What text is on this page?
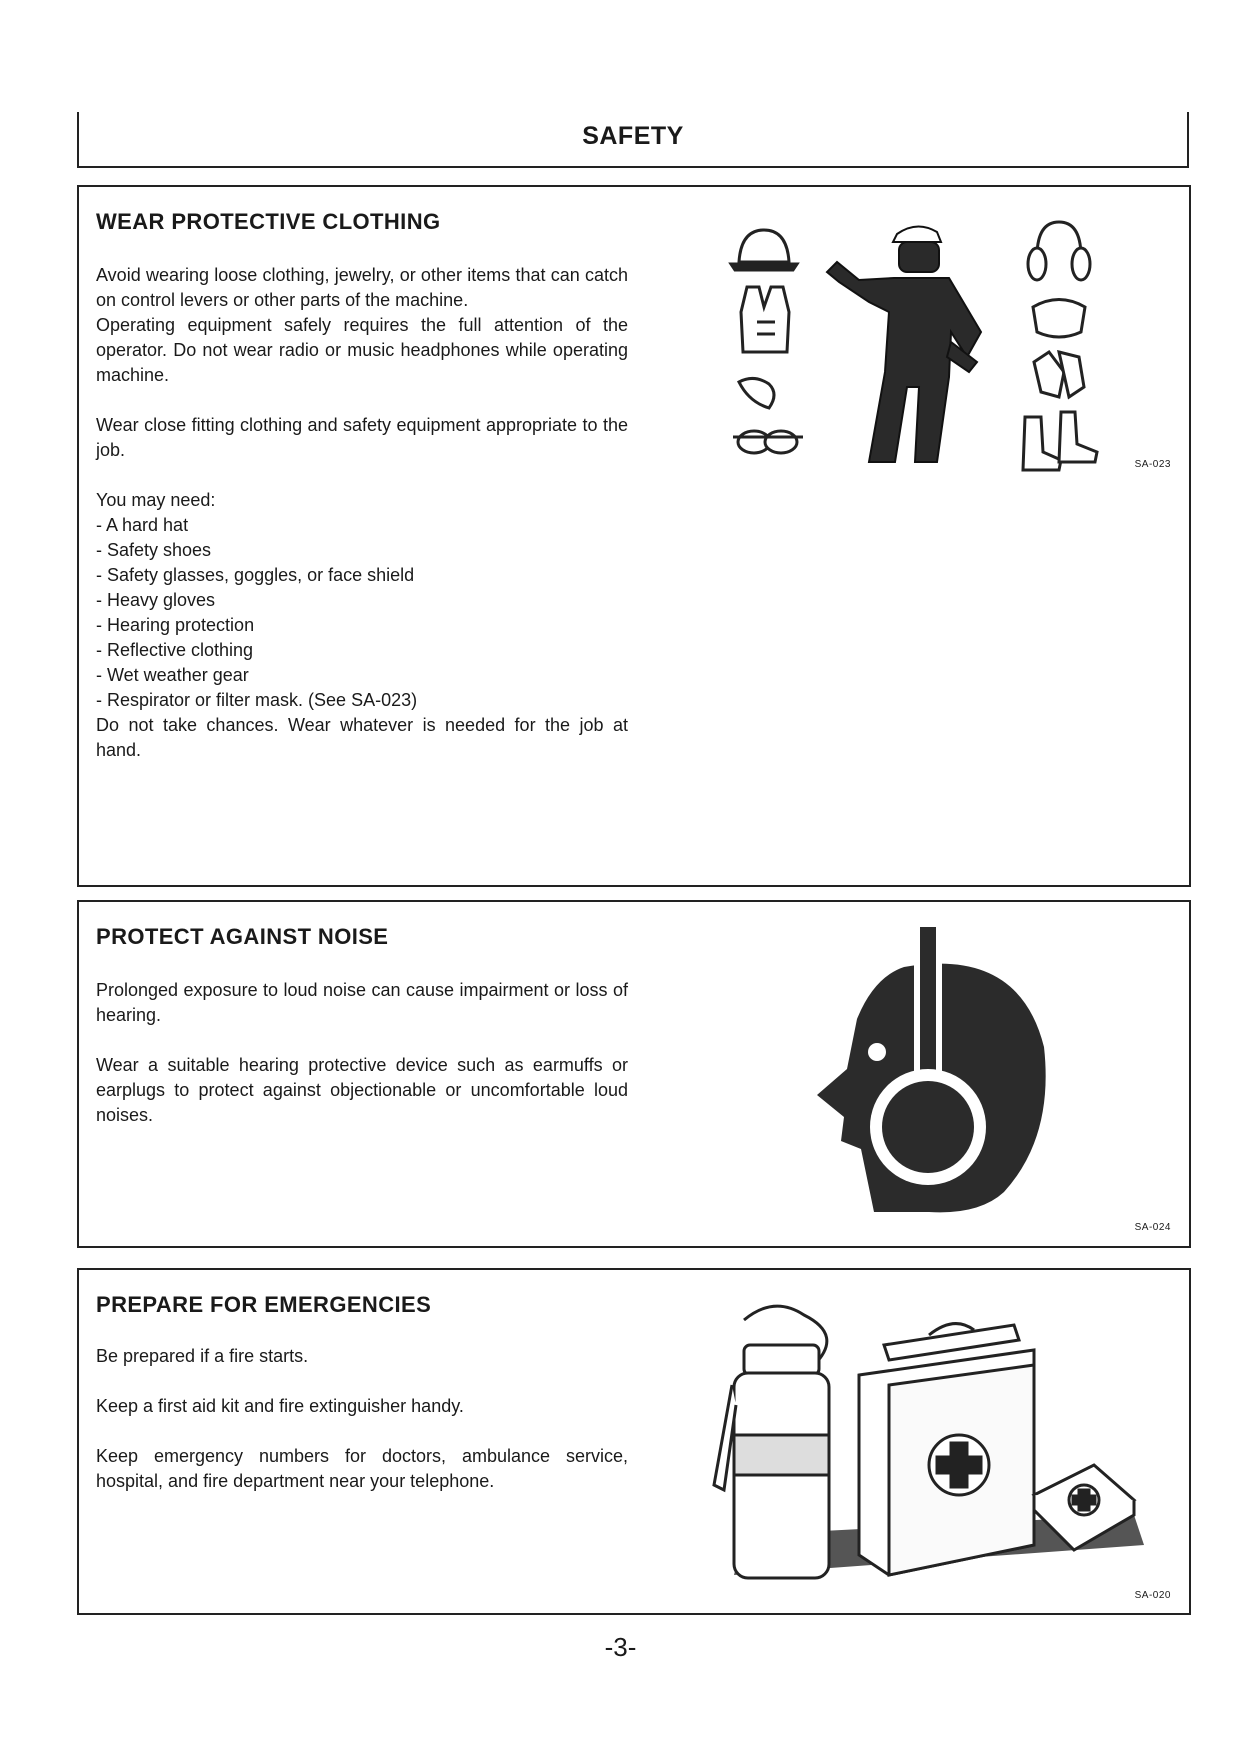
SAFETY
WEAR PROTECTIVE CLOTHING

Avoid wearing loose clothing, jewelry, or other items that can catch on control levers or other parts of the machine.

Operating equipment safely requires the full attention of the operator. Do not wear radio or music headphones while operating machine.

Wear close fitting clothing and safety equipment appropriate to the job.

You may need:

- A hard hat
- Safety shoes
- Safety glasses, goggles, or face shield
- Heavy gloves
- Hearing protection
- Reflective clothing
- Wet weather gear
- Respirator or filter mask. (See SA-023)

Do not take chances. Wear whatever is needed for the job at hand.

SA-023
PROTECT AGAINST NOISE

Prolonged exposure to loud noise can cause impairment or loss of hearing.

Wear a suitable hearing protective device such as earmuffs or earplugs to protect against objectionable or uncomfortable loud noises.

SA-024
PREPARE FOR EMERGENCIES

Be prepared if a fire starts.

Keep a first aid kit and fire extinguisher handy.

Keep emergency numbers for doctors, ambulance service, hospital, and fire department near your telephone.

SA-020
-3-
